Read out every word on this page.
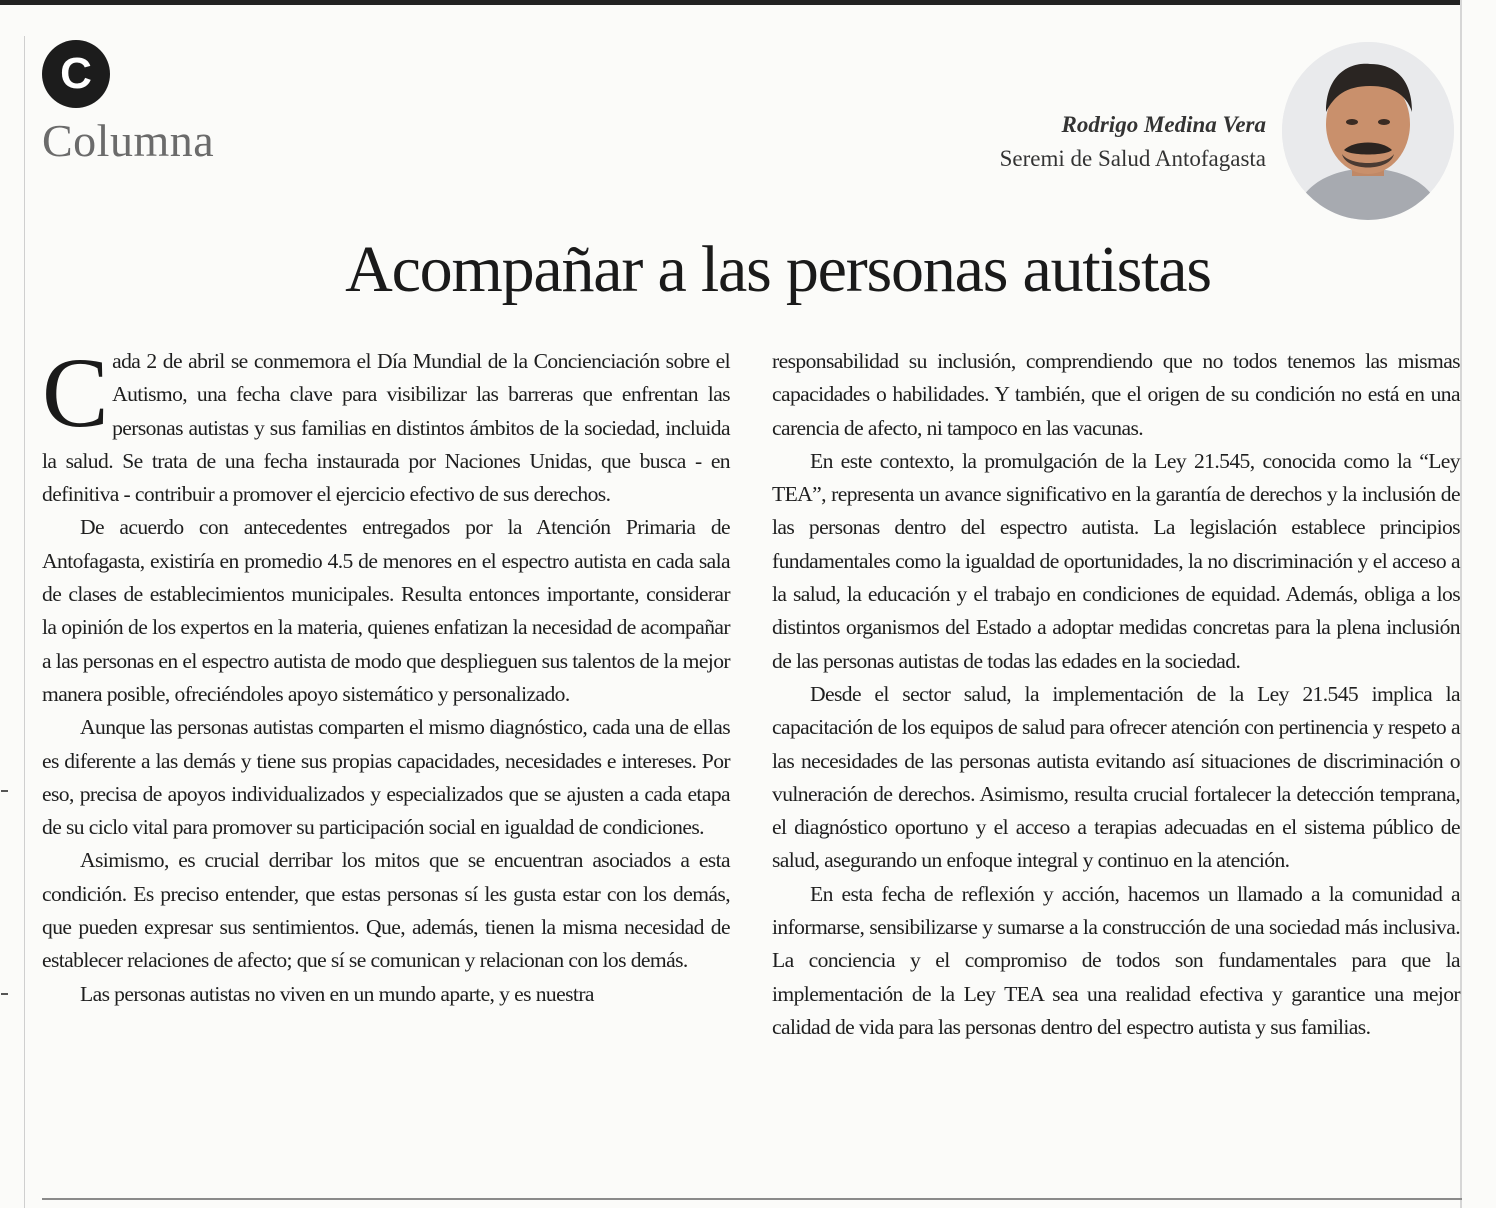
C
Columna	Rodrigo Medina Vera
Seremi de Salud Antofagasta
Acompañar a las personas autistas

Cada 2 de abril se conmemora el Día Mundial de la Concienciación sobre el Autismo, una fecha clave para visibilizar las barreras que enfrentan las personas autistas y sus familias en distintos ámbitos de la sociedad, incluida la salud. Se trata de una fecha instaurada por Naciones Unidas, que busca - en definitiva - contribuir a promover el ejercicio efectivo de sus derechos.

De acuerdo con antecedentes entregados por la Atención Primaria de Antofagasta, existiría en promedio 4.5 de menores en el espectro autista en cada sala de clases de establecimientos municipales. Resulta entonces importante, considerar la opinión de los expertos en la materia, quienes enfatizan la necesidad de acompañar a las personas en el espectro autista de modo que desplieguen sus talentos de la mejor manera posible, ofreciéndoles apoyo sistemático y personalizado.

Aunque las personas autistas comparten el mismo diagnóstico, cada una de ellas es diferente a las demás y tiene sus propias capacidades, necesidades e intereses. Por eso, precisa de apoyos individualizados y especializados que se ajusten a cada etapa de su ciclo vital para promover su participación social en igualdad de condiciones.

Asimismo, es crucial derribar los mitos que se encuentran asociados a esta condición. Es preciso entender, que estas personas sí les gusta estar con los demás, que pueden expresar sus sentimientos. Que, además, tienen la misma necesidad de establecer relaciones de afecto; que sí se comunican y relacionan con los demás.

Las personas autistas no viven en un mundo aparte, y es nuestra

responsabilidad su inclusión, comprendiendo que no todos tenemos las mismas capacidades o habilidades. Y también, que el origen de su condición no está en una carencia de afecto, ni tampoco en las vacunas.

En este contexto, la promulgación de la Ley 21.545, conocida como la “Ley TEA”, representa un avance significativo en la garantía de derechos y la inclusión de las personas dentro del espectro autista. La legislación establece principios fundamentales como la igualdad de oportunidades, la no discriminación y el acceso a la salud, la educación y el trabajo en condiciones de equidad. Además, obliga a los distintos organismos del Estado a adoptar medidas concretas para la plena inclusión de las personas autistas de todas las edades en la sociedad.

Desde el sector salud, la implementación de la Ley 21.545 implica la capacitación de los equipos de salud para ofrecer atención con pertinencia y respeto a las necesidades de las personas autista evitando así situaciones de discriminación o vulneración de derechos. Asimismo, resulta crucial fortalecer la detección temprana, el diagnóstico oportuno y el acceso a terapias adecuadas en el sistema público de salud, asegurando un enfoque integral y continuo en la atención.

En esta fecha de reflexión y acción, hacemos un llamado a la comunidad a informarse, sensibilizarse y sumarse a la construcción de una sociedad más inclusiva. La conciencia y el compromiso de todos son fundamentales para que la implementación de la Ley TEA sea una realidad efectiva y garantice una mejor calidad de vida para las personas dentro del espectro autista y sus familias.
